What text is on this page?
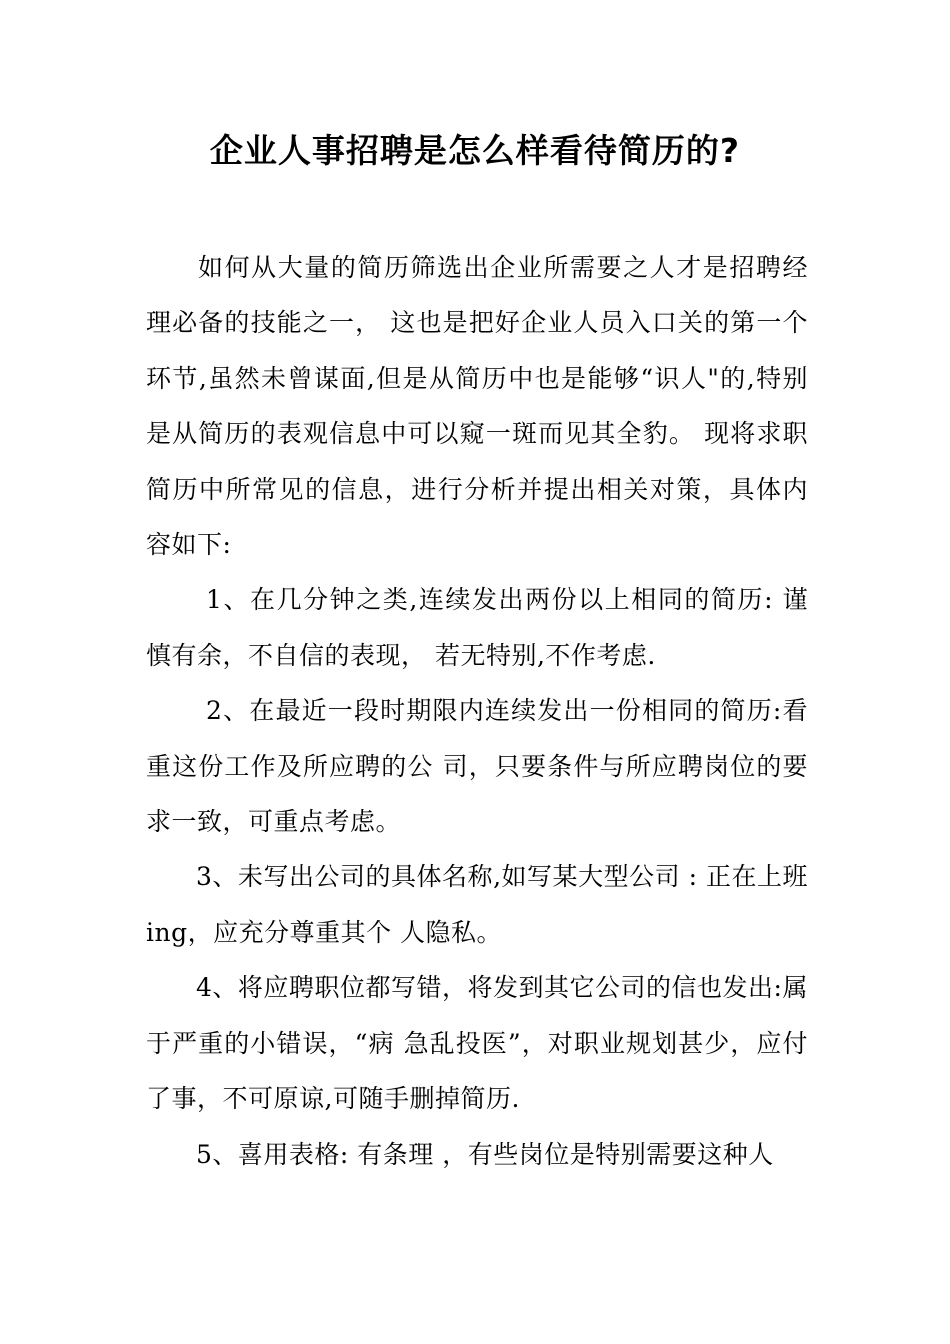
企业人事招聘是怎么样看待简历的?

如何从大量的简历筛选出企业所需要之人才是招聘经理必备的技能之一， 这也是把好企业人员入口关的第一个环节,虽然未曾谋面,但是从简历中也是能够“识人"的,特别是从简历的表观信息中可以窥一斑而见其全豹。 现将求职简历中所常见的信息，进行分析并提出相关对策，具体内容如下:

1、在几分钟之类,连续发出两份以上相同的简历: 谨慎有余，不自信的表现， 若无特别,不作考虑.

2、在最近一段时期限内连续发出一份相同的简历:看重这份工作及所应聘的公 司，只要条件与所应聘岗位的要求一致，可重点考虑。

3、未写出公司的具体名称,如写某大型公司 : 正在上班 ing，应充分尊重其个 人隐私。

4、将应聘职位都写错，将发到其它公司的信也发出:属于严重的小错误，“病 急乱投医”，对职业规划甚少，应付了事，不可原谅,可随手删掉简历.

5、喜用表格: 有条理 ，有些岗位是特别需要这种人
